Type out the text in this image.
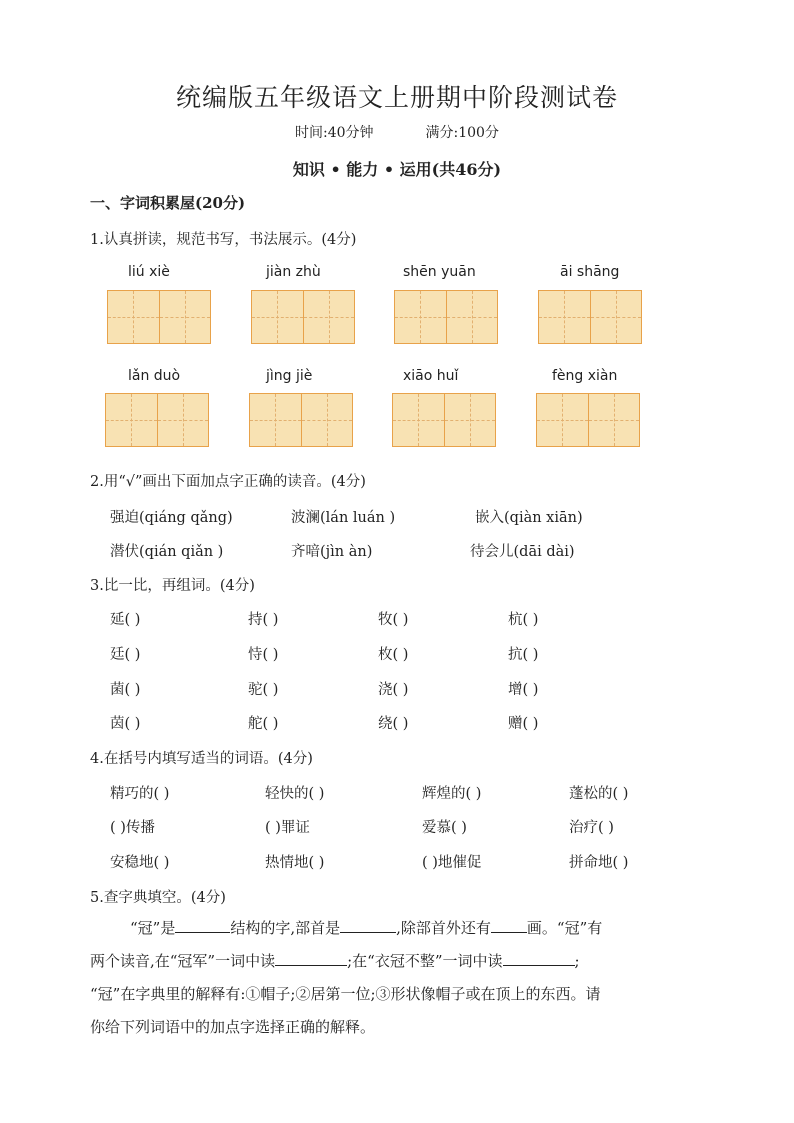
统编版五年级语文上册期中阶段测试卷
时间:40分钟	满分:100分
知识 • 能力 • 运用(共46分)
一、字词积累屋(20分)
1.认真拼读，规范书写，书法展示。(4分)
liú xiè	jiàn zhù	shēn yuān	āi shāng
lǎn duò	jìng jiè	xiāo huǐ	fèng xiàn
2.用“√”画出下面加点字正确的读音。(4分)
强迫(qiáng qǎng)	波澜(lán luán )	嵌入(qiàn xiān)
潜伏(qián qiǎn )	齐喑(jìn àn)	待会儿(dāi dài)
3.比一比，再组词。(4分)
延( )	持( )	牧( )	杭( )
廷( )	恃( )	枚( )	抗( )
菌( )	驼( )	浇( )	增( )
茵( )	舵( )	绕( )	赠( )
4.在括号内填写适当的词语。(4分)
精巧的( )	轻快的( )	辉煌的( )	蓬松的( )
( )传播	( )罪证	爱慕( )	治疗( )
安稳地( )	热情地( )	( )地催促	拼命地( )
5.查字典填空。(4分)
“冠”是	结构的字,部首是	,除部首外还有 画。“冠”有
两个读音,在“冠军”一词中读	;在“衣冠不整”一词中读	;
“冠”在字典里的解释有:①帽子;②居第一位;③形状像帽子或在顶上的东西。请
你给下列词语中的加点字选择正确的解释。
